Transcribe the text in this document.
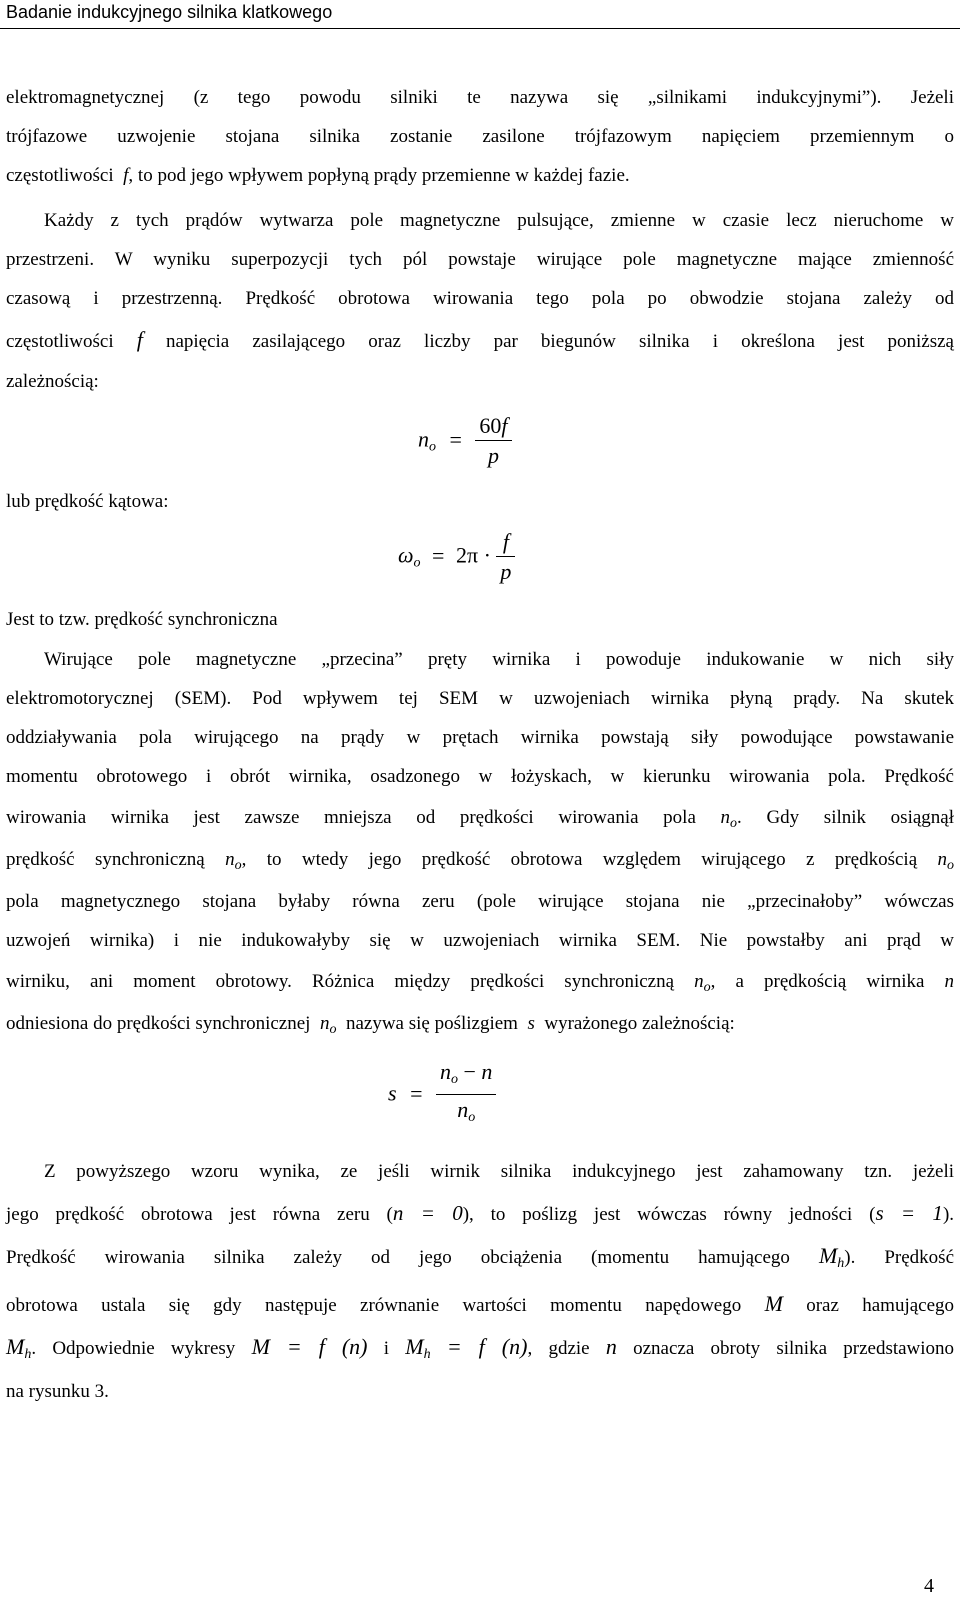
Badanie indukcyjnego silnika klatkowego
elektromagnetycznej (z tego powodu silniki te nazywa się „silnikami indukcyjnymi”). Jeżeli
trójfazowe uzwojenie stojana silnika zostanie zasilone trójfazowym napięciem przemiennym o
częstotliwości f, to pod jego wpływem popłyną prądy przemienne w każdej fazie.
Każdy z tych prądów wytwarza pole magnetyczne pulsujące, zmienne w czasie lecz nieruchome w
przestrzeni. W wyniku superpozycji tych pól powstaje wirujące pole magnetyczne mające zmienność
czasową i przestrzenną. Prędkość obrotowa wirowania tego pola po obwodzie stojana zależy od
częstotliwości f napięcia zasilającego oraz liczby par biegunów silnika i określona jest poniższą
zależnością:
$n_o = \frac{60f}{p}$
lub prędkość kątowa:
$\omega_o = 2\pi \cdot \frac{f}{p}$
Jest to tzw. prędkość synchroniczna
Wirujące pole magnetyczne „przecina” pręty wirnika i powoduje indukowanie w nich siły
elektromotorycznej (SEM). Pod wpływem tej SEM w uzwojeniach wirnika płyną prądy. Na skutek
oddziaływania pola wirującego na prądy w prętach wirnika powstają siły powodujące powstawanie
momentu obrotowego i obrót wirnika, osadzonego w łożyskach, w kierunku wirowania pola. Prędkość
wirowania wirnika jest zawsze mniejsza od prędkości wirowania pola $n_o$. Gdy silnik osiągnął
prędkość synchroniczną $n_o$, to wtedy jego prędkość obrotowa względem wirującego z prędkością $n_o$
pola magnetycznego stojana byłaby równa zeru (pole wirujące stojana nie „przecinałoby” wówczas
uzwojeń wirnika) i nie indukowałyby się w uzwojeniach wirnika SEM. Nie powstałby ani prąd w
wirniku, ani moment obrotowy. Różnica między prędkości synchroniczną $n_o$, a prędkością wirnika n
odniesiona do prędkości synchronicznej $n_o$ nazywa się poślizgiem s wyrażonego zależnością:
$s = \frac{n_o - n}{n_o}$
Z powyższego wzoru wynika, ze jeśli wirnik silnika indukcyjnego jest zahamowany tzn. jeżeli
jego prędkość obrotowa jest równa zeru (n = 0), to poślizg jest wówczas równy jedności (s = 1).
Prędkość wirowania silnika zależy od jego obciążenia (momentu hamującego $M_h$). Prędkość
obrotowa ustala się gdy następuje zrównanie wartości momentu napędowego M oraz hamującego
$M_h$. Odpowiednie wykresy M = f (n) i $M_h = f$ (n), gdzie n oznacza obroty silnika przedstawiono
na rysunku 3.
4
